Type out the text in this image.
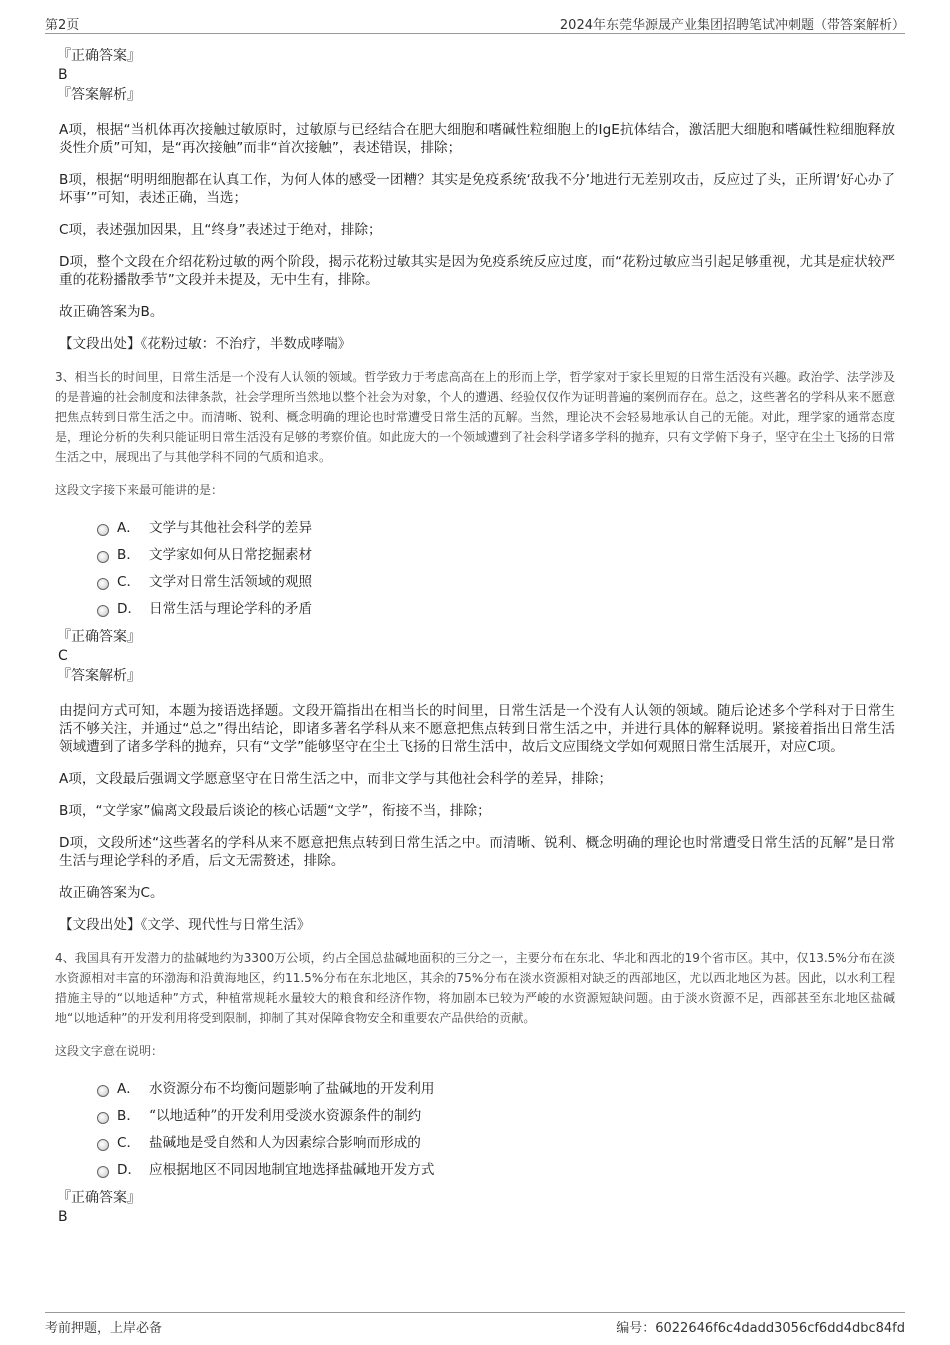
第2页	2024年东莞华源晟产业集团招聘笔试冲刺题（带答案解析）
『正确答案』
B
『答案解析』
A项，根据“当机体再次接触过敏原时，过敏原与已经结合在肥大细胞和嗜碱性粒细胞上的IgE抗体结合，激活肥大细胞和嗜碱性粒细胞释放炎性介质”可知，是“再次接触”而非“首次接触”，表述错误，排除；
B项，根据“明明细胞都在认真工作，为何人体的感受一团糟？其实是免疫系统‘敌我不分’地进行无差别攻击，反应过了头，正所谓‘好心办了坏事’”可知，表述正确，当选；
C项，表述强加因果，且“终身”表述过于绝对，排除；
D项，整个文段在介绍花粉过敏的两个阶段，揭示花粉过敏其实是因为免疫系统反应过度，而“花粉过敏应当引起足够重视，尤其是症状较严重的花粉播散季节”文段并未提及，无中生有，排除。
故正确答案为B。
【文段出处】《花粉过敏：不治疗，半数成哮喘》
3、相当长的时间里，日常生活是一个没有人认领的领域。哲学致力于考虑高高在上的形而上学，哲学家对于家长里短的日常生活没有兴趣。政治学、法学涉及的是普遍的社会制度和法律条款，社会学理所当然地以整个社会为对象，个人的遭遇、经验仅仅作为证明普遍的案例而存在。总之，这些著名的学科从来不愿意把焦点转到日常生活之中。而清晰、锐利、概念明确的理论也时常遭受日常生活的瓦解。当然，理论决不会轻易地承认自己的无能。对此，理学家的通常态度是，理论分析的失利只能证明日常生活没有足够的考察价值。如此庞大的一个领域遭到了社会科学诸多学科的抛弃，只有文学俯下身子，坚守在尘土飞扬的日常生活之中，展现出了与其他学科不同的气质和追求。
这段文字接下来最可能讲的是：
A． 文学与其他社会科学的差异
B． 文学家如何从日常挖掘素材
C． 文学对日常生活领域的观照
D． 日常生活与理论学科的矛盾
『正确答案』
C
『答案解析』
由提问方式可知，本题为接语选择题。文段开篇指出在相当长的时间里，日常生活是一个没有人认领的领域。随后论述多个学科对于日常生活不够关注，并通过“总之”得出结论，即诸多著名学科从来不愿意把焦点转到日常生活之中，并进行具体的解释说明。紧接着指出日常生活领域遭到了诸多学科的抛弃，只有“文学”能够坚守在尘土飞扬的日常生活中，故后文应围绕文学如何观照日常生活展开，对应C项。
A项，文段最后强调文学愿意坚守在日常生活之中，而非文学与其他社会科学的差异，排除；
B项，“文学家”偏离文段最后谈论的核心话题“文学”，衔接不当，排除；
D项，文段所述“这些著名的学科从来不愿意把焦点转到日常生活之中。而清晰、锐利、概念明确的理论也时常遭受日常生活的瓦解”是日常生活与理论学科的矛盾，后文无需赘述，排除。
故正确答案为C。
【文段出处】《文学、现代性与日常生活》
4、我国具有开发潜力的盐碱地约为3300万公顷，约占全国总盐碱地面积的三分之一，主要分布在东北、华北和西北的19个省市区。其中，仅13.5%分布在淡水资源相对丰富的环渤海和沿黄海地区，约11.5%分布在东北地区，其余的75%分布在淡水资源相对缺乏的西部地区，尤以西北地区为甚。因此，以水利工程措施主导的“以地适种”方式，种植常规耗水量较大的粮食和经济作物，将加剧本已较为严峻的水资源短缺问题。由于淡水资源不足，西部甚至东北地区盐碱地“以地适种”的开发利用将受到限制，抑制了其对保障食物安全和重要农产品供给的贡献。
这段文字意在说明：
A． 水资源分布不均衡问题影响了盐碱地的开发利用
B． “以地适种”的开发利用受淡水资源条件的制约
C． 盐碱地是受自然和人为因素综合影响而形成的
D． 应根据地区不同因地制宜地选择盐碱地开发方式
『正确答案』
B
考前押题，上岸必备	编号：6022646f6c4dadd3056cf6dd4dbc84fd
